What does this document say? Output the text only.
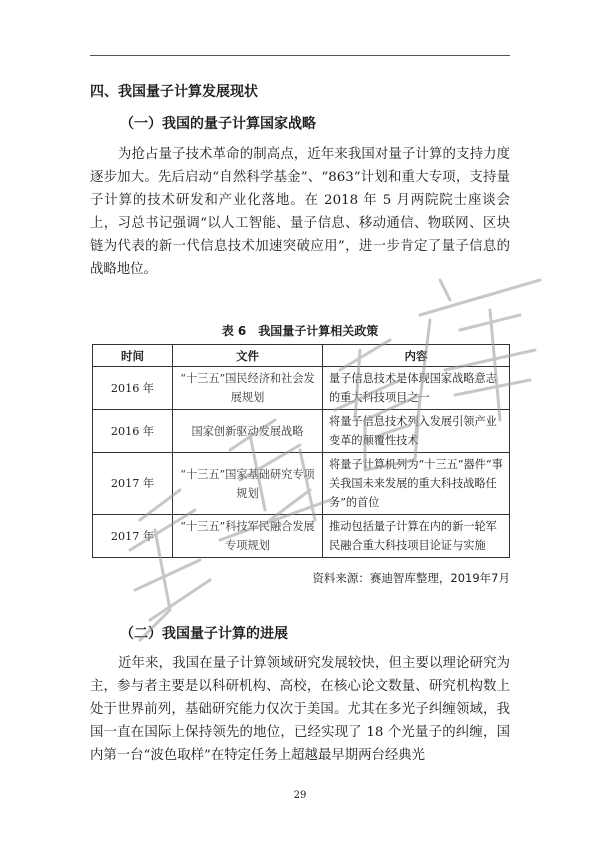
四、我国量子计算发展现状
（一）我国的量子计算国家战略

为抢占量子技术革命的制高点，近年来我国对量子计算的支持力度逐步加大。先后启动“自然科学基金”、“863”计划和重大专项，支持量子计算的技术研发和产业化落地。在 2018 年 5 月两院院士座谈会上，习总书记强调“以人工智能、量子信息、移动通信、物联网、区块链为代表的新一代信息技术加速突破应用”，进一步肯定了量子信息的战略地位。

表 6　我国量子计算相关政策
时间	文件	内容
2016 年	“十三五”国民经济和社会发展规划	量子信息技术是体现国家战略意志的重大科技项目之一
2016 年	国家创新驱动发展战略	将量子信息技术列入发展引领产业变革的颠覆性技术
2017 年	“十三五”国家基础研究专项规划	将量子计算机列为“十三五”器件“事关我国未来发展的重大科技战略任务”的首位
2017 年	“十三五”科技军民融合发展专项规划	推动包括量子计算在内的新一轮军民融合重大科技项目论证与实施
资料来源：赛迪智库整理，2019年7月
（二）我国量子计算的进展

近年来，我国在量子计算领域研究发展较快，但主要以理论研究为主，参与者主要是以科研机构、高校，在核心论文数量、研究机构数上处于世界前列，基础研究能力仅次于美国。尤其在多光子纠缠领域，我国一直在国际上保持领先的地位，已经实现了 18 个光量子的纠缠，国内第一台“波色取样”在特定任务上超越最早期两台经典光

29
